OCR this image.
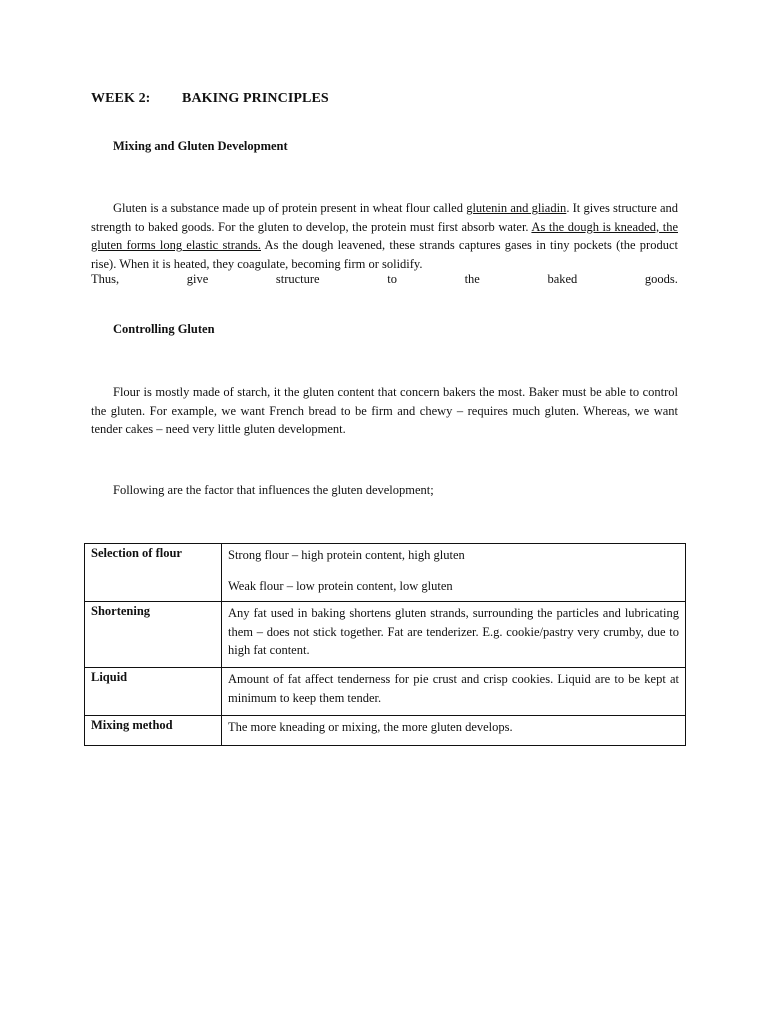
WEEK 2: BAKING PRINCIPLES
Mixing and Gluten Development

Gluten is a substance made up of protein present in wheat flour called glutenin and gliadin. It gives structure and strength to baked goods. For the gluten to develop, the protein must first absorb water. As the dough is kneaded, the gluten forms long elastic strands. As the dough leavened, these strands captures gases in tiny pockets (the product rise). When it is heated, they coagulate, becoming firm or solidify.

Thus,	give	structure	to	the	baked	goods.
Controlling Gluten

Flour is mostly made of starch, it the gluten content that concern bakers the most. Baker must be able to control the gluten. For example, we want French bread to be firm and chewy – requires much gluten. Whereas, we want tender cakes – need very little gluten development.

Following are the factor that influences the gluten development;

Selection of flour	Strong flour – high protein content, high gluten
Weak flour – low protein content, low gluten

Shortening	Any fat used in baking shortens gluten strands, surrounding the particles and lubricating them – does not stick together. Fat are tenderizer. E.g. cookie/pastry very crumby, due to high fat content.
Liquid	Amount of fat affect tenderness for pie crust and crisp cookies. Liquid are to be kept at minimum to keep them tender.
Mixing method	The more kneading or mixing, the more gluten develops.
